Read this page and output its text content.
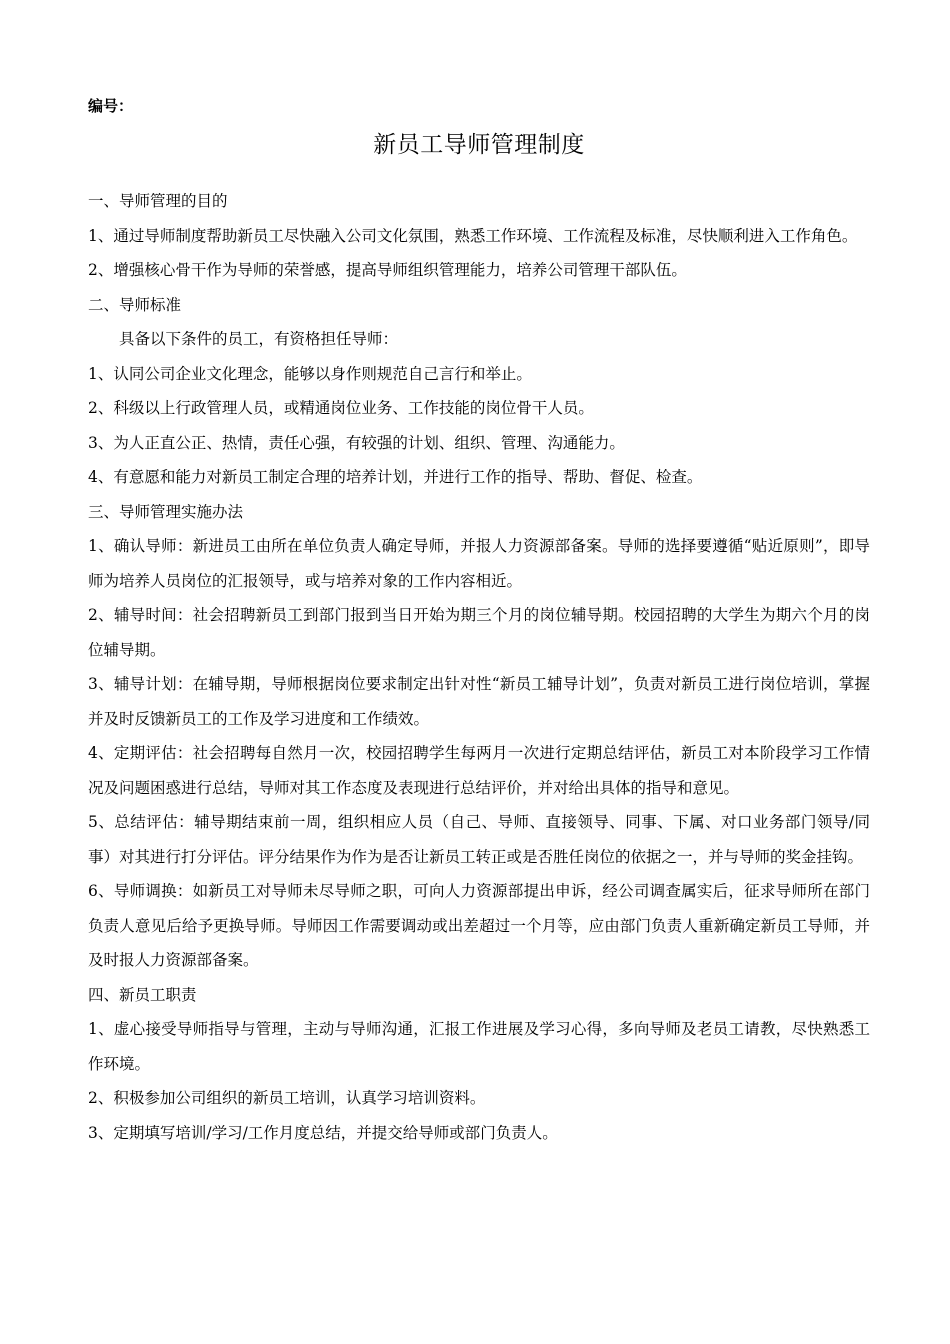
编号：

新员工导师管理制度

一、导师管理的目的

1、通过导师制度帮助新员工尽快融入公司文化氛围，熟悉工作环境、工作流程及标准，尽快顺利进入工作角色。

2、增强核心骨干作为导师的荣誉感，提高导师组织管理能力，培养公司管理干部队伍。

二、导师标准

具备以下条件的员工，有资格担任导师：

1、认同公司企业文化理念，能够以身作则规范自己言行和举止。

2、科级以上行政管理人员，或精通岗位业务、工作技能的岗位骨干人员。

3、为人正直公正、热情，责任心强，有较强的计划、组织、管理、沟通能力。

4、有意愿和能力对新员工制定合理的培养计划，并进行工作的指导、帮助、督促、检查。

三、导师管理实施办法

1、确认导师：新进员工由所在单位负责人确定导师，并报人力资源部备案。导师的选择要遵循“贴近原则”，即导师为培养人员岗位的汇报领导，或与培养对象的工作内容相近。

2、辅导时间：社会招聘新员工到部门报到当日开始为期三个月的岗位辅导期。校园招聘的大学生为期六个月的岗位辅导期。

3、辅导计划：在辅导期，导师根据岗位要求制定出针对性“新员工辅导计划”，负责对新员工进行岗位培训，掌握并及时反馈新员工的工作及学习进度和工作绩效。

4、定期评估：社会招聘每自然月一次，校园招聘学生每两月一次进行定期总结评估，新员工对本阶段学习工作情况及问题困惑进行总结，导师对其工作态度及表现进行总结评价，并对给出具体的指导和意见。

5、总结评估：辅导期结束前一周，组织相应人员（自己、导师、直接领导、同事、下属、对口业务部门领导/同事）对其进行打分评估。评分结果作为作为是否让新员工转正或是否胜任岗位的依据之一，并与导师的奖金挂钩。

6、导师调换：如新员工对导师未尽导师之职，可向人力资源部提出申诉，经公司调查属实后，征求导师所在部门负责人意见后给予更换导师。导师因工作需要调动或出差超过一个月等，应由部门负责人重新确定新员工导师，并及时报人力资源部备案。

四、新员工职责

1、虚心接受导师指导与管理，主动与导师沟通，汇报工作进展及学习心得，多向导师及老员工请教，尽快熟悉工作环境。

2、积极参加公司组织的新员工培训，认真学习培训资料。

3、定期填写培训/学习/工作月度总结，并提交给导师或部门负责人。
